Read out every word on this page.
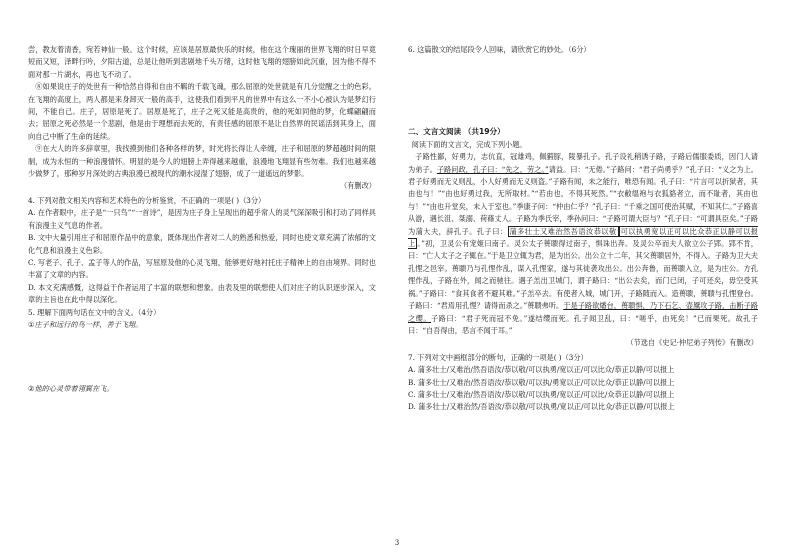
尝，教友着清香，宛若神仙一般。这个时候，应该是居原最快乐的时候，他在这个瑰丽的世界飞翔的时日早竟短而又短，泽畔行吟，夕阳古道，总是让他听到悲剧地千头万绪，这时他飞翔的翅膀如此沉重，因为他不得不面对那一片湖水，再也飞不动了。

⑧如果说庄子的处世有一种恰然自得和自由不羁的千载飞魂，那么屈原的处世就是有几分觉醒之士的色彩。在飞翔的高度上，两人都是来身卸灭一般的高手，这使我们看到平凡的世界中有这么一不小心被认为是梦幻行间，不能自己。庄子，居原是死了。居原是死了，庄子之死又能是高贵的，他的死如同他的梦，化蝶翩翩而去；屈原之死必然是一个悲剧，他是由于理想而去死的，有责任感的屈原不是让自然界的民谣活到其身上，面向自己中断了生命的延续。

⑨在大人的许多辞章里，我找摸到他们各种各样的梦，时光将长得让人牵缠，庄子和屈原的梦超越时间的限制，成为永恒的一种浪漫情怀。明显的是今人的翅膀上弄得越来越重，浪漫地飞翔显有些勿难。我们也越来越少做梦了，那种岁月深处的古典浪漫已被现代的潮水浸湿了翅膀，成了一道遥远的梦影。

（有删改）

4. 下列对散文相关内容和艺术特色的分析鉴赏，不正确的一项是( )（3分）

A. 在作者眼中，庄子是“一只鸟”“一首诗”，是因为庄子身上呈现出的超乎常人的灵气深深吸引和打动了同样具有浪漫主义气息的作者。

B. 文中大量引用庄子和屈原作品中的意象，既体现出作者对二人的熟悉和热爱，同时也使文章充满了浓郁的文化气息和浪漫主义色彩。

C. 写老子、孔子、孟子等人的作品，写屈原及他的心灵飞翔，能够更好地衬托庄子精神上的自由境界。同时也丰富了文章的内容。

D. 本文充满感慨，这得益于作者运用了丰富的联想和想象。由表及里的联想使人们对庄子的认识逐步深入，文章的主旨也在此中得以深化。

5. 理解下面两句话在文中的含义。（4分）

①庄子和远行的鸟一样，善于飞翔。

②他的心灵带着翎翼在飞。

6. 这篇散文的结尾段令人回味，请欣赏它的妙处。（6分）

二、文言文阅读 （共19分）

阅读下面的文言文，完成下列小题。

子路性鄙，好勇力，志伉直，冠雄鸡，佩豭豚，陵暴孔子。孔子设礼稍诱子路，子路后儒服委质，因门人请为弟子。子路问政，孔子曰：“先之，劳之。”请益。曰：“无倦。”子路问：“君子尚勇乎？”孔子曰：“义之为上。君子好勇而无义则乱，小人好勇而无义则盗。”子路有闻，未之能行，唯恐有闻。孔子曰：“片言可以折狱者，其由也与！”“由也好勇过我，无所取材。”“若由也，不得其死然。”“衣敝缊袍与衣狐貉者立，而不耻者，其由也与！”“由也升堂矣，未入于室也。”季康子问：“仲由仁乎？”孔子曰：“千乘之国可使治其赋，不知其仁。”子路喜从游，遇长沮、桀溺、荷蓧丈人。子路为季氏宰，季孙问曰：“子路可谓大臣与？”孔子曰：“可谓具臣矣。”子路为蒲大夫，辞孔子。孔子曰： 蒲多壮士又难治然吾语汝恭以敬 可以执勇宽以正可以比众恭正以静可以报上 。”初，卫灵公有宠姬曰南子。灵公太子蒉聩得过南子，惧诛出奔。及灵公卒而夫人欲立公子郢。郢不肯，曰：“亡人太子之子辄在。”于是卫立辄为君，是为出公。出公立十二年，其父蒉聩居外，不得入。子路为卫大夫孔悝之邑宰。蒉聩乃与孔悝作乱，谋入孔悝家，遂与其徒袭攻出公。出公奔鲁，而蒉聩入立，是为庄公。方孔悝作乱，子路在外，闻之而驰往。遇子羔出卫城门，谓子路曰：“出公去矣，而门已闭，子可还矣，毋空受其祸。”子路曰：“食其食者不避其难。”子羔卒去。有使者入城，城门开，子路随而入。造蒉聩，蒉聩与孔悝登台。子路曰：“君焉用孔悝？请得而杀之。”蒉聩弗听。于是子路欲燔台，蒉聩惧，乃下石乞、壶黡攻子路，击断子路之缨。子路曰：“君子死而冠不免。”遂结缨而死。孔子闻卫乱，曰：“嗟乎，由死矣！”已而果死。故孔子曰：“自吾得由，恶言不闻于耳。”

（节选自《史记·仲尼弟子列传》有删改）

7. 下列对文中画框部分的断句，正确的一项是( )（3分）

A. 蒲多壮士/又难治/然吾语汝/恭以敬/可以执勇/宽以正/可以比众/恭正以静/可以报上

B. 蒲多壮士/又难治/然吾语汝/恭以敬/可以执/勇宽以正/可以比众/恭正以静/可以报上

C. 蒲多壮士/又难治/然吾语汝/恭以敬/可以执勇/宽以正/可以比/众恭正以静/可以报上

D. 蒲多壮士/又难治然/吾语汝/恭以敬/可以执勇/宽以正/可以比众/恭正以静/可以报上

3
